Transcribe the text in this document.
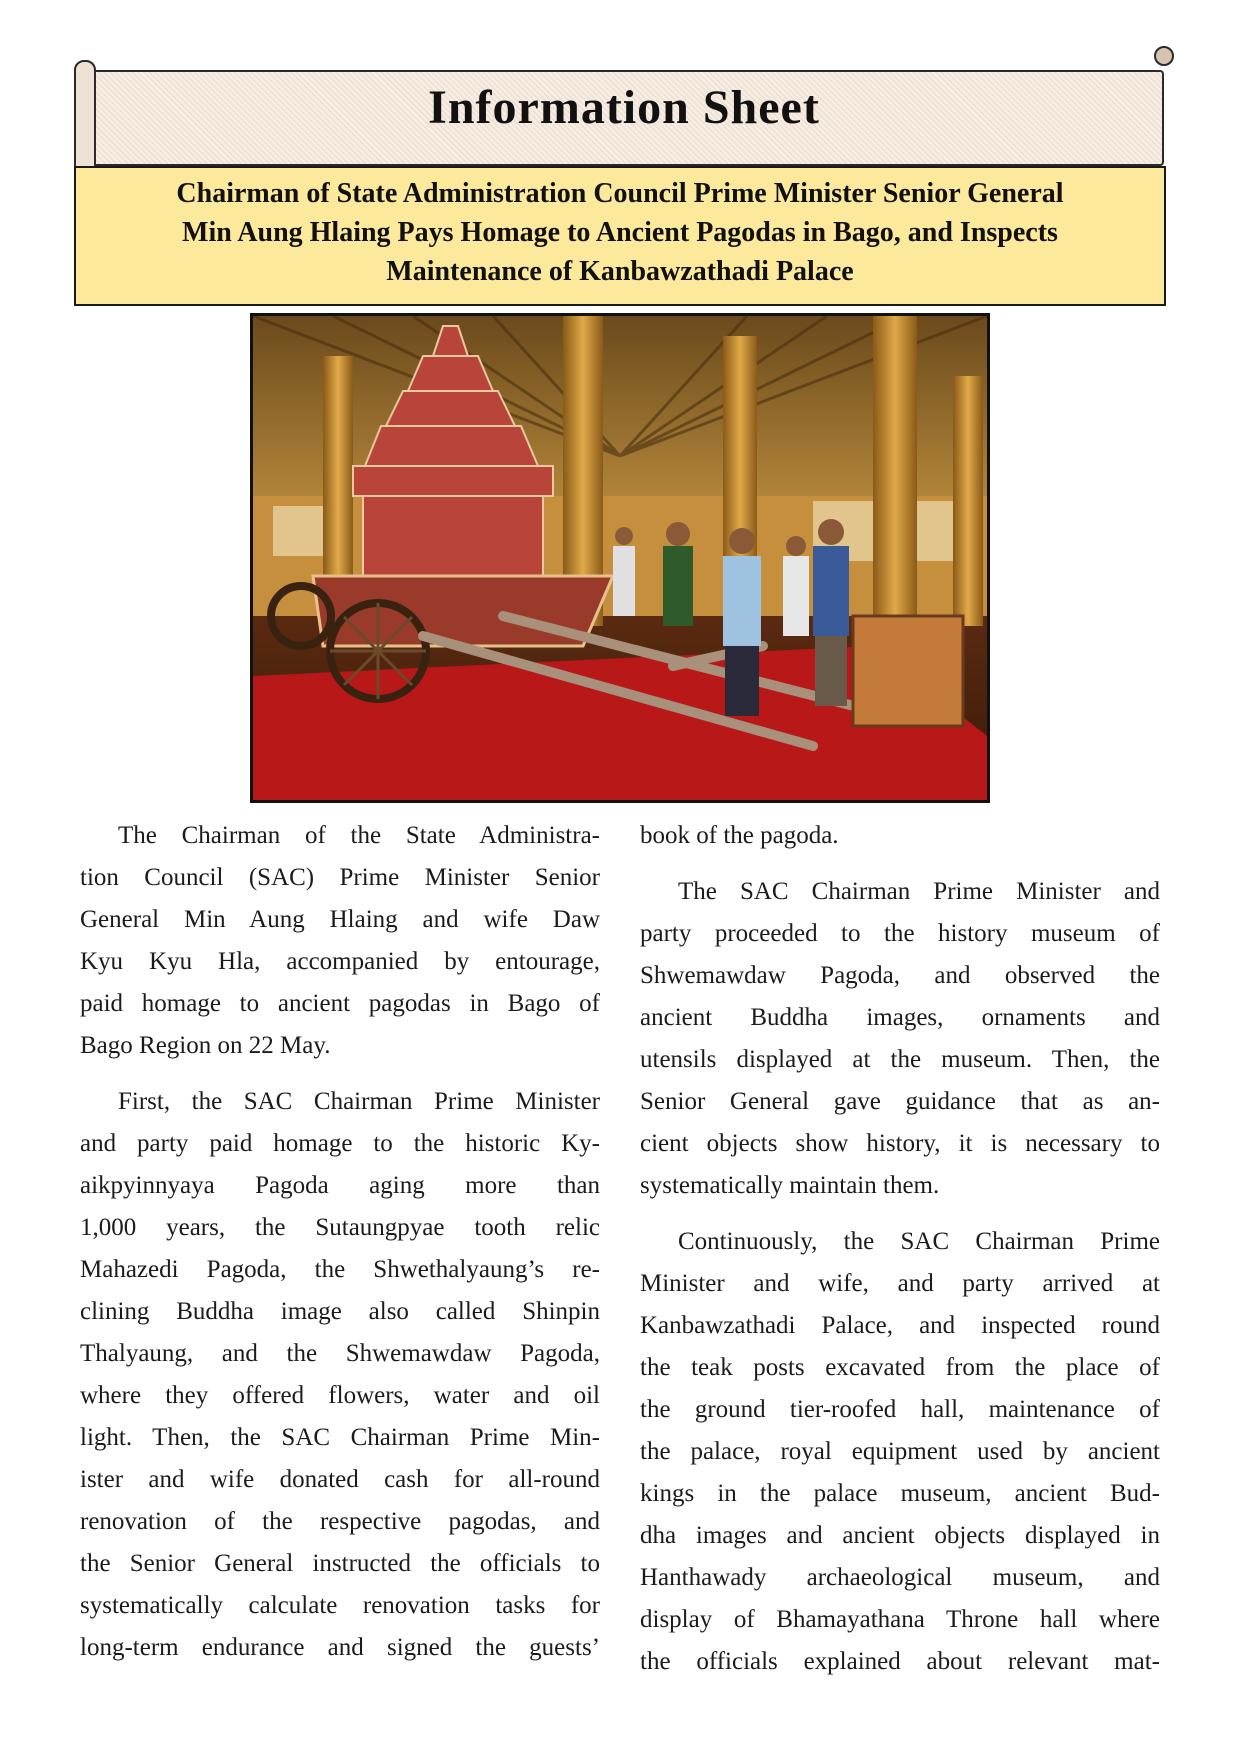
Information Sheet
Chairman of State Administration Council Prime Minister Senior General
Min Aung Hlaing Pays Homage to Ancient Pagodas in Bago, and Inspects
Maintenance of Kanbawzathadi Palace
The Chairman of the State Administra-
tion Council (SAC) Prime Minister Senior
General Min Aung Hlaing and wife Daw
Kyu Kyu Hla, accompanied by entourage,
paid homage to ancient pagodas in Bago of
Bago Region on 22 May.
First, the SAC Chairman Prime Minister
and party paid homage to the historic Ky-
aikpyinnyaya Pagoda aging more than
1,000 years, the Sutaungpyae tooth relic
Mahazedi Pagoda, the Shwethalyaung’s re-
clining Buddha image also called Shinpin
Thalyaung, and the Shwemawdaw Pagoda,
where they offered flowers, water and oil
light. Then, the SAC Chairman Prime Min-
ister and wife donated cash for all-round
renovation of the respective pagodas, and
the Senior General instructed the officials to
systematically calculate renovation tasks for
long-term endurance and signed the guests’
book of the pagoda.
The SAC Chairman Prime Minister and
party proceeded to the history museum of
Shwemawdaw Pagoda, and observed the
ancient Buddha images, ornaments and
utensils displayed at the museum. Then, the
Senior General gave guidance that as an-
cient objects show history, it is necessary to
systematically maintain them.
Continuously, the SAC Chairman Prime
Minister and wife, and party arrived at
Kanbawzathadi Palace, and inspected round
the teak posts excavated from the place of
the ground tier-roofed hall, maintenance of
the palace, royal equipment used by ancient
kings in the palace museum, ancient Bud-
dha images and ancient objects displayed in
Hanthawady archaeological museum, and
display of Bhamayathana Throne hall where
the officials explained about relevant mat-
